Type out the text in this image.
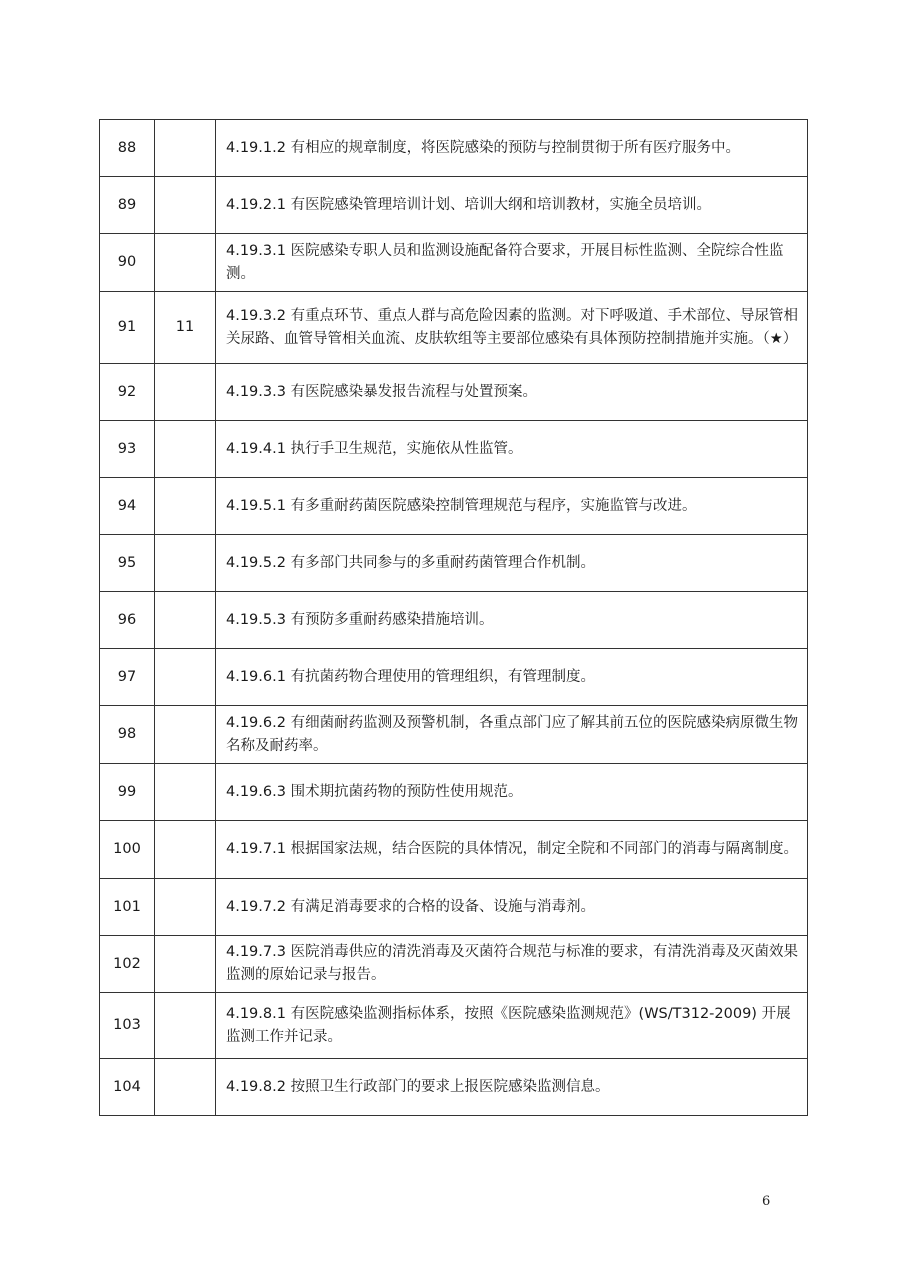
88		4.19.1.2 有相应的规章制度，将医院感染的预防与控制贯彻于所有医疗服务中。
89		4.19.2.1 有医院感染管理培训计划、培训大纲和培训教材，实施全员培训。
90		4.19.3.1 医院感染专职人员和监测设施配备符合要求，开展目标性监测、全院综合性监测。
91	11	4.19.3.2 有重点环节、重点人群与高危险因素的监测。对下呼吸道、手术部位、导尿管相关尿路、血管导管相关血流、皮肤软组等主要部位感染有具体预防控制措施并实施。（★）
92		4.19.3.3 有医院感染暴发报告流程与处置预案。
93		4.19.4.1 执行手卫生规范，实施依从性监管。
94		4.19.5.1 有多重耐药菌医院感染控制管理规范与程序，实施监管与改进。
95		4.19.5.2 有多部门共同参与的多重耐药菌管理合作机制。
96		4.19.5.3 有预防多重耐药感染措施培训。
97		4.19.6.1 有抗菌药物合理使用的管理组织，有管理制度。
98		4.19.6.2 有细菌耐药监测及预警机制，各重点部门应了解其前五位的医院感染病原微生物名称及耐药率。
99		4.19.6.3 围术期抗菌药物的预防性使用规范。
100		4.19.7.1 根据国家法规，结合医院的具体情况，制定全院和不同部门的消毒与隔离制度。
101		4.19.7.2 有满足消毒要求的合格的设备、设施与消毒剂。
102		4.19.7.3 医院消毒供应的清洗消毒及灭菌符合规范与标准的要求，有清洗消毒及灭菌效果监测的原始记录与报告。
103		4.19.8.1 有医院感染监测指标体系，按照《医院感染监测规范》(WS/T312-2009) 开展监测工作并记录。
104		4.19.8.2 按照卫生行政部门的要求上报医院感染监测信息。
6
